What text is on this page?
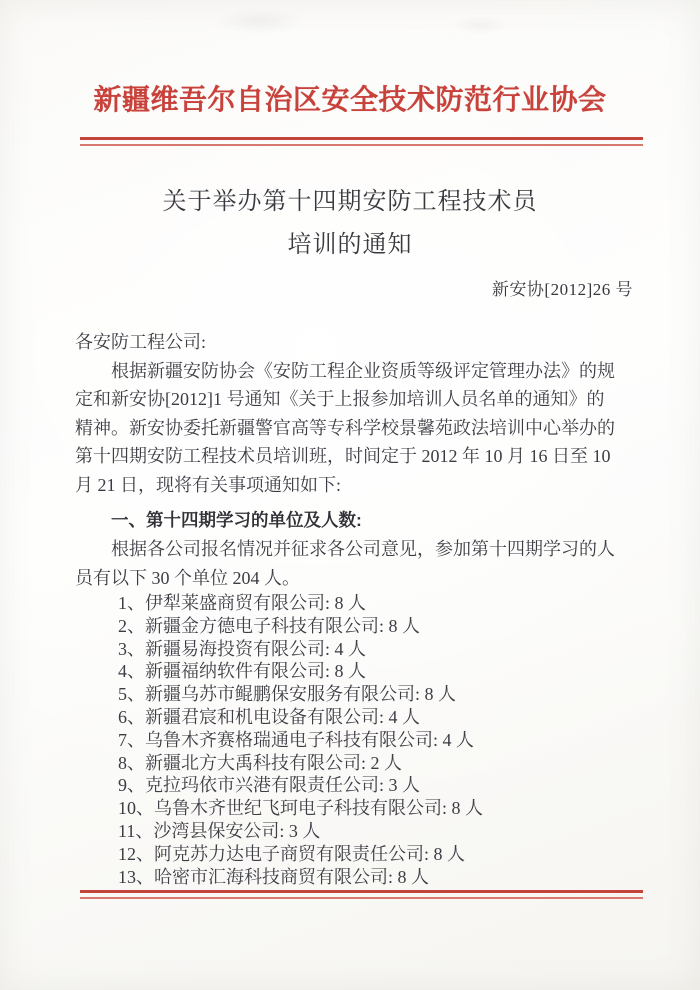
新疆维吾尔自治区安全技术防范行业协会
关于举办第十四期安防工程技术员
培训的通知
新安协[2012]26 号
各安防工程公司:
根据新疆安防协会《安防工程企业资质等级评定管理办法》的规
定和新安协[2012]1 号通知《关于上报参加培训人员名单的通知》的
精神。新安协委托新疆警官高等专科学校景馨苑政法培训中心举办的
第十四期安防工程技术员培训班，时间定于 2012 年 10 月 16 日至 10
月 21 日，现将有关事项通知如下:
一、第十四期学习的单位及人数:
根据各公司报名情况并征求各公司意见，参加第十四期学习的人
员有以下 30 个单位 204 人。
1、伊犁莱盛商贸有限公司: 8 人
2、新疆金方德电子科技有限公司: 8 人
3、新疆易海投资有限公司: 4 人
4、新疆福纳软件有限公司: 8 人
5、新疆乌苏市鲲鹏保安服务有限公司: 8 人
6、新疆君宸和机电设备有限公司: 4 人
7、乌鲁木齐赛格瑞通电子科技有限公司: 4 人
8、新疆北方大禹科技有限公司: 2 人
9、克拉玛依市兴港有限责任公司: 3 人
10、乌鲁木齐世纪飞珂电子科技有限公司: 8 人
11、沙湾县保安公司: 3 人
12、阿克苏力达电子商贸有限责任公司: 8 人
13、哈密市汇海科技商贸有限公司: 8 人
